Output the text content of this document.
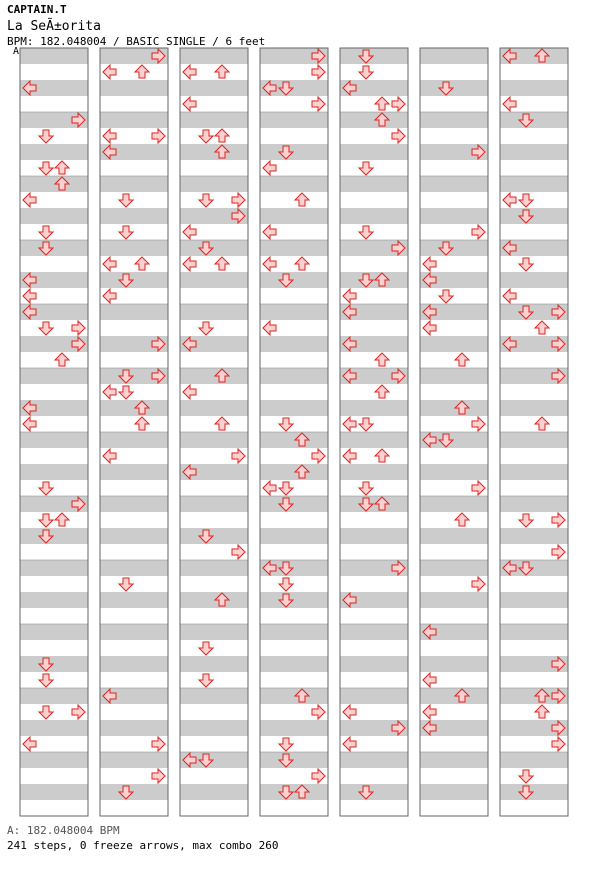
CAPTAIN.T
La SeÃ±orita
BPM: 182.048004 / BASIC SINGLE / 6 feet
A
A: 182.048004 BPM
241 steps, 0 freeze arrows, max combo 260
